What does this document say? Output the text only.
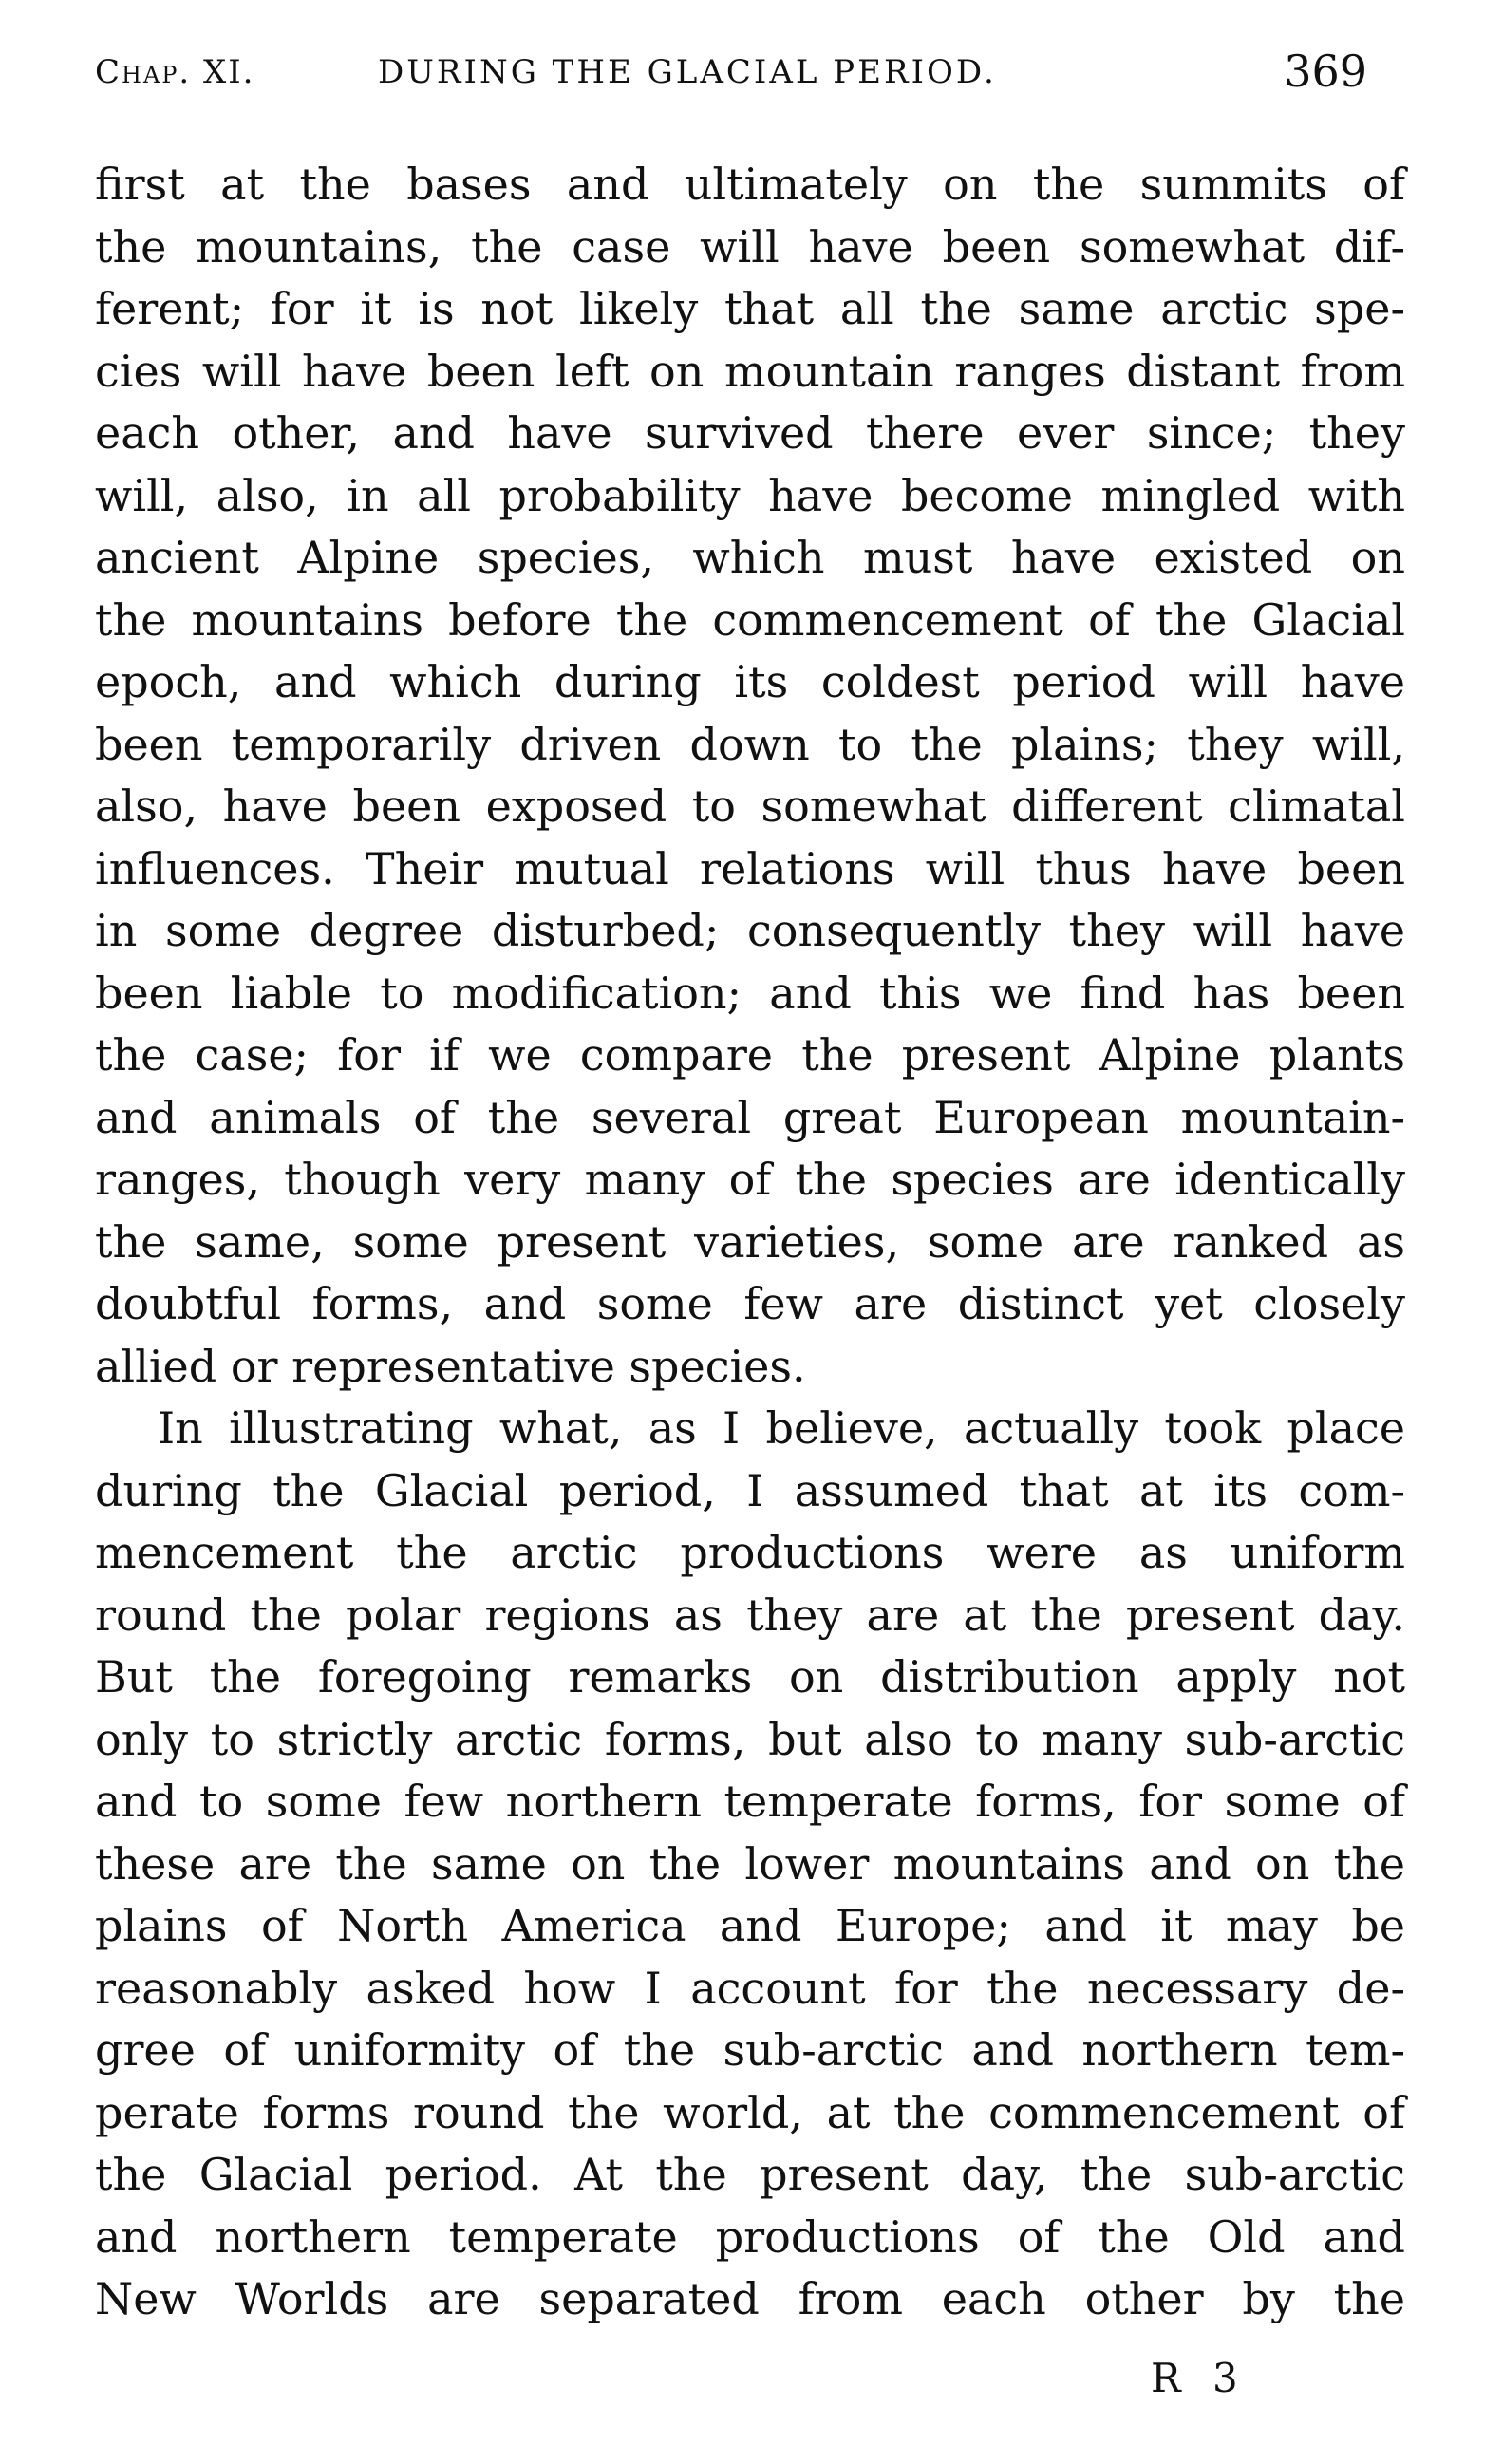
Chap. XI.	DURING THE GLACIAL PERIOD.	369
first at the bases and ultimately on the summits of
the mountains, the case will have been somewhat dif-
ferent; for it is not likely that all the same arctic spe-
cies will have been left on mountain ranges distant from
each other, and have survived there ever since; they
will, also, in all probability have become mingled with
ancient Alpine species, which must have existed on
the mountains before the commencement of the Glacial
epoch, and which during its coldest period will have
been temporarily driven down to the plains; they will,
also, have been exposed to somewhat different climatal
influences. Their mutual relations will thus have been
in some degree disturbed; consequently they will have
been liable to modification; and this we find has been
the case; for if we compare the present Alpine plants
and animals of the several great European mountain-
ranges, though very many of the species are identically
the same, some present varieties, some are ranked as
doubtful forms, and some few are distinct yet closely
allied or representative species.
In illustrating what, as I believe, actually took place
during the Glacial period, I assumed that at its com-
mencement the arctic productions were as uniform
round the polar regions as they are at the present day.
But the foregoing remarks on distribution apply not
only to strictly arctic forms, but also to many sub-arctic
and to some few northern temperate forms, for some of
these are the same on the lower mountains and on the
plains of North America and Europe; and it may be
reasonably asked how I account for the necessary de-
gree of uniformity of the sub-arctic and northern tem-
perate forms round the world, at the commencement of
the Glacial period. At the present day, the sub-arctic
and northern temperate productions of the Old and
New Worlds are separated from each other by the
R 3
